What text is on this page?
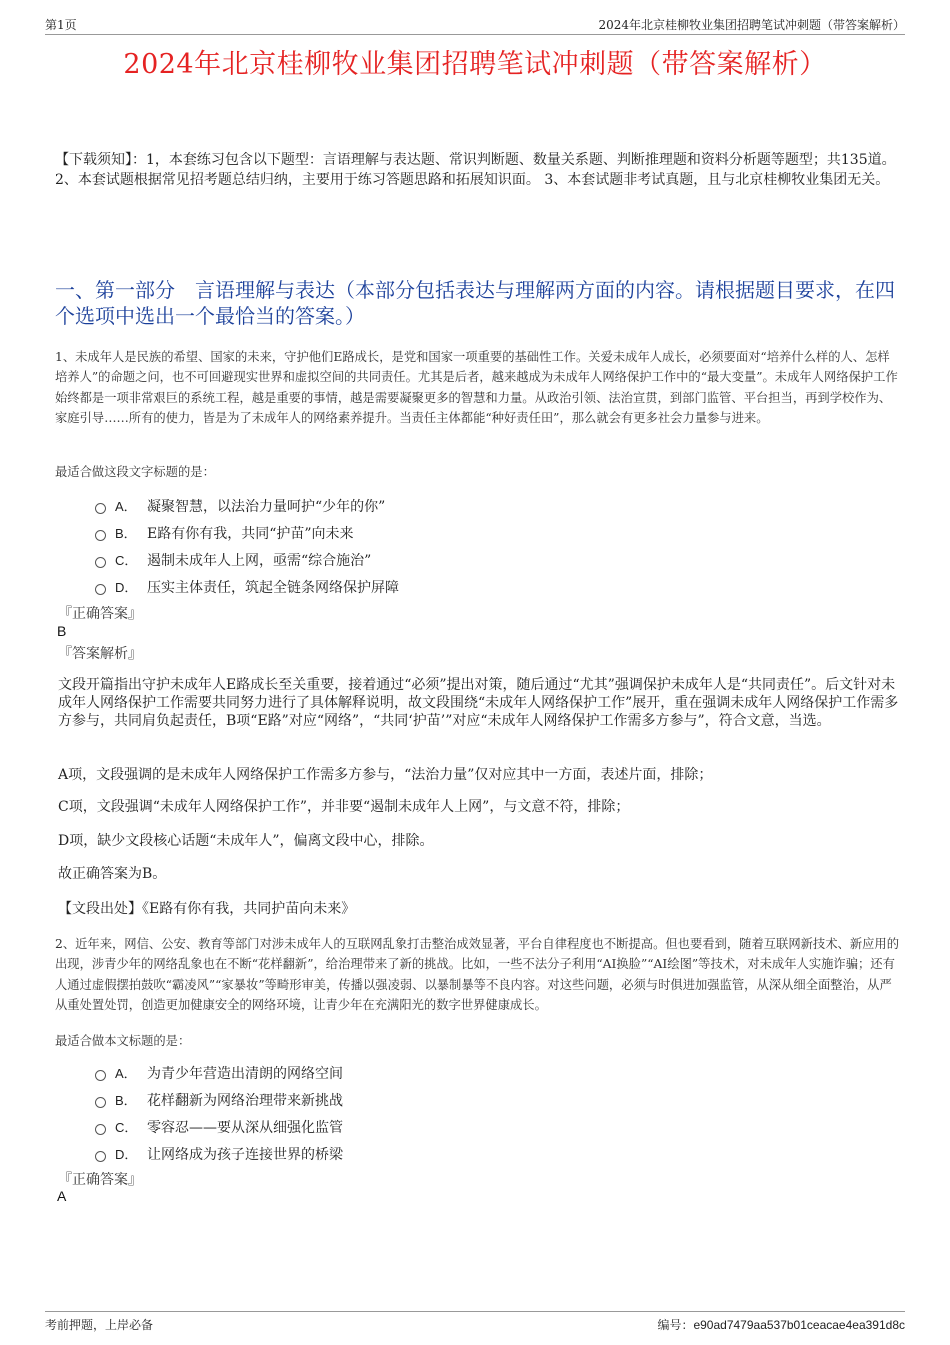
第1页	2024年北京桂柳牧业集团招聘笔试冲刺题（带答案解析）
2024年北京桂柳牧业集团招聘笔试冲刺题（带答案解析）
【下载须知】：1，本套练习包含以下题型：言语理解与表达题、常识判断题、数量关系题、判断推理题和资料分析题等题型；共135道。 2、本套试题根据常见招考题总结归纳，主要用于练习答题思路和拓展知识面。 3、本套试题非考试真题，且与北京桂柳牧业集团无关。
一、第一部分　言语理解与表达（本部分包括表达与理解两方面的内容。请根据题目要求，在四个选项中选出一个最恰当的答案。）
1、未成年人是民族的希望、国家的未来，守护他们E路成长，是党和国家一项重要的基础性工作。关爱未成年人成长，必须要面对“培养什么样的人、怎样培养人”的命题之问，也不可回避现实世界和虚拟空间的共同责任。尤其是后者，越来越成为未成年人网络保护工作中的“最大变量”。未成年人网络保护工作始终都是一项非常艰巨的系统工程，越是重要的事情，越是需要凝聚更多的智慧和力量。从政治引领、法治宣贯，到部门监管、平台担当，再到学校作为、家庭引导……所有的使力，皆是为了未成年人的网络素养提升。当责任主体都能“种好责任田”，那么就会有更多社会力量参与进来。
最适合做这段文字标题的是：
A． 凝聚智慧，以法治力量呵护“少年的你”
B． E路有你有我，共同“护苗”向未来
C． 遏制未成年人上网，亟需“综合施治”
D． 压实主体责任，筑起全链条网络保护屏障
『正确答案』
B
『答案解析』
文段开篇指出守护未成年人E路成长至关重要，接着通过“必须”提出对策，随后通过“尤其”强调保护未成年人是“共同责任”。后文针对未成年人网络保护工作需要共同努力进行了具体解释说明，故文段围绕“未成年人网络保护工作”展开，重在强调未成年人网络保护工作需多方参与，共同肩负起责任，B项“E路”对应“网络”，“共同‘护苗’”对应“未成年人网络保护工作需多方参与”，符合文意，当选。
A项，文段强调的是未成年人网络保护工作需多方参与，“法治力量”仅对应其中一方面，表述片面，排除；
C项，文段强调“未成年人网络保护工作”，并非要“遏制未成年人上网”，与文意不符，排除；
D项，缺少文段核心话题“未成年人”，偏离文段中心，排除。
故正确答案为B。
【文段出处】《E路有你有我，共同护苗向未来》
2、近年来，网信、公安、教育等部门对涉未成年人的互联网乱象打击整治成效显著，平台自律程度也不断提高。但也要看到，随着互联网新技术、新应用的出现，涉青少年的网络乱象也在不断“花样翻新”，给治理带来了新的挑战。比如，一些不法分子利用“AI换脸”“AI绘图”等技术，对未成年人实施诈骗；还有人通过虚假摆拍鼓吹“霸凌风”“家暴妆”等畸形审美，传播以强凌弱、以暴制暴等不良内容。对这些问题，必须与时俱进加强监管，从深从细全面整治，从严从重处置处罚，创造更加健康安全的网络环境，让青少年在充满阳光的数字世界健康成长。
最适合做本文标题的是：
A． 为青少年营造出清朗的网络空间
B． 花样翻新为网络治理带来新挑战
C． 零容忍——要从深从细强化监管
D． 让网络成为孩子连接世界的桥梁
『正确答案』
A
考前押题，上岸必备	编号：e90ad7479aa537b01ceacae4ea391d8c
